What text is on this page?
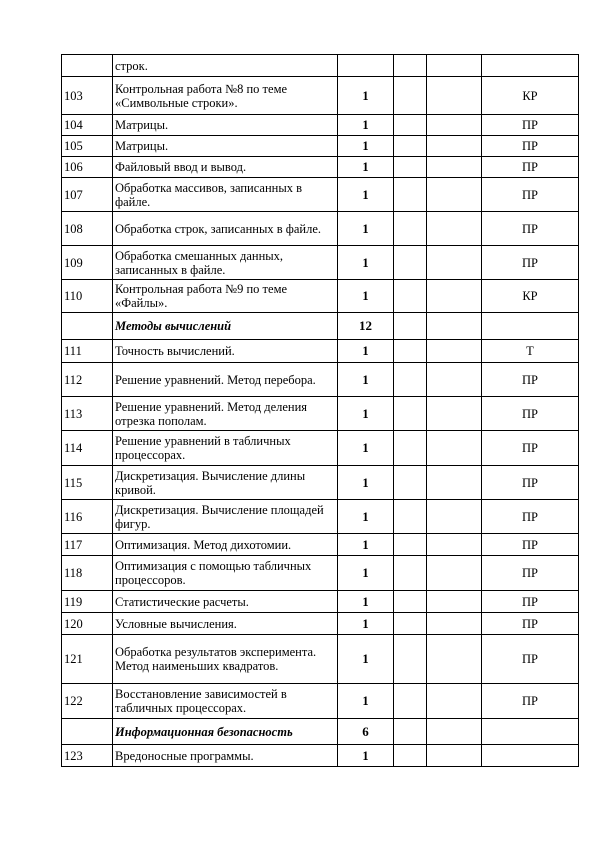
	строк.				
103	Контрольная работа №8 по теме «Символьные строки».	1			КР
104	Матрицы.	1			ПР
105	Матрицы.	1			ПР
106	Файловый ввод и вывод.	1			ПР
107	Обработка массивов, записанных в файле.	1			ПР
108	Обработка строк, записанных в файле.	1			ПР
109	Обработка смешанных данных, записанных в файле.	1			ПР
110	Контрольная работа №9 по теме «Файлы».	1			КР
	Методы вычислений	12			
111	Точность вычислений.	1			Т
112	Решение уравнений. Метод перебора.	1			ПР
113	Решение уравнений. Метод деления отрезка пополам.	1			ПР
114	Решение уравнений в табличных процессорах.	1			ПР
115	Дискретизация. Вычисление длины кривой.	1			ПР
116	Дискретизация. Вычисление площадей фигур.	1			ПР
117	Оптимизация. Метод дихотомии.	1			ПР
118	Оптимизация с помощью табличных процессоров.	1			ПР
119	Статистические расчеты.	1			ПР
120	Условные вычисления.	1			ПР
121	Обработка результатов эксперимента. Метод наименьших квадратов.	1			ПР
122	Восстановление зависимостей в табличных процессорах.	1			ПР
	Информационная безопасность	6			
123	Вредоносные программы.	1			
